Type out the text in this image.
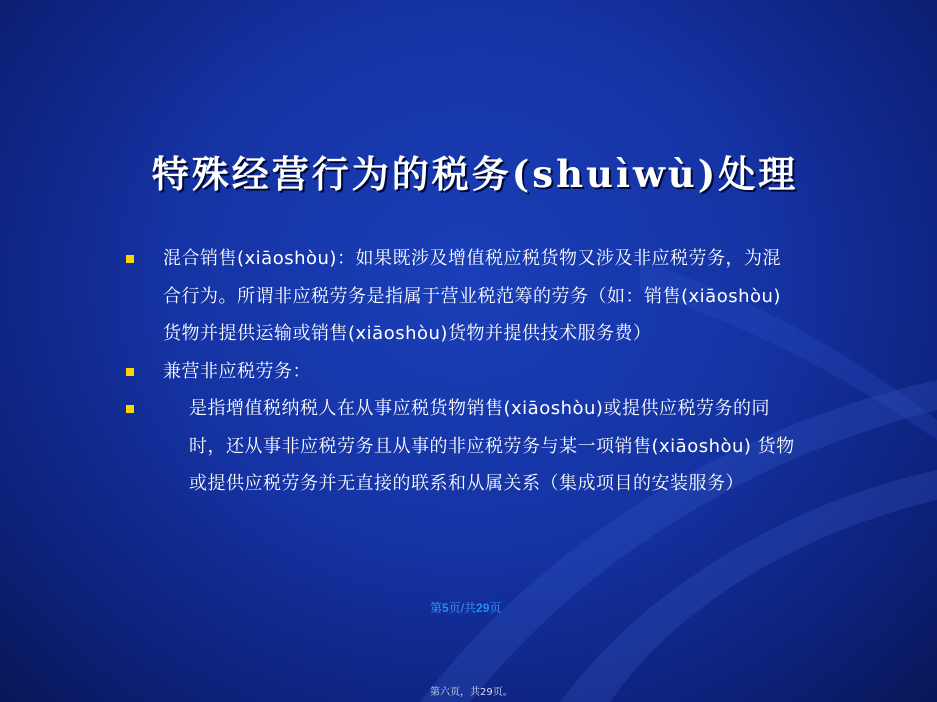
特殊经营行为的税务(shuìwù)处理
混合销售(xiāoshòu)：如果既涉及增值税应税货物又涉及非应税劳务，为混合行为。所谓非应税劳务是指属于营业税范筹的劳务（如：销售(xiāoshòu)货物并提供运输或销售(xiāoshòu)货物并提供技术服务费）
兼营非应税劳务：
是指增值税纳税人在从事应税货物销售(xiāoshòu)或提供应税劳务的同时，还从事非应税劳务且从事的非应税劳务与某一项销售(xiāoshòu) 货物或提供应税劳务并无直接的联系和从属关系（集成项目的安装服务）
第5页/共29页
第六页，共29页。
